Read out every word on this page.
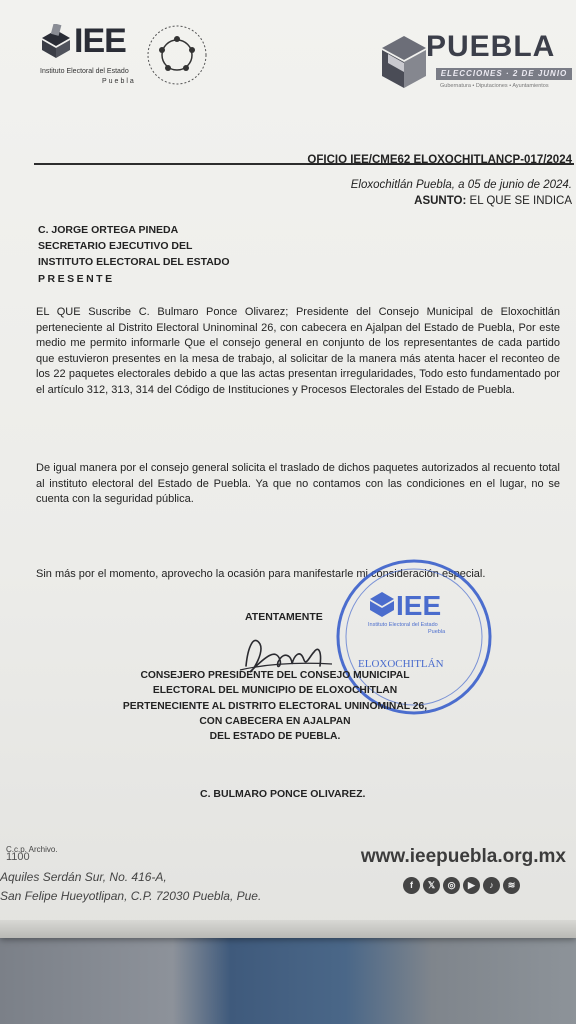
IEE
Instituto Electoral del Estado
Puebla
PUEBLA
ELECCIONES · 2 DE JUNIO
Gubernatura • Diputaciones • Ayuntamientos
OFICIO IEE/CME62 ELOXOCHITLANCP-017/2024
Eloxochitlán Puebla, a 05 de junio de 2024.
ASUNTO: EL QUE SE INDICA
C. JORGE ORTEGA PINEDA
SECRETARIO EJECUTIVO DEL
INSTITUTO ELECTORAL DEL ESTADO
PRESENTE
EL QUE Suscribe C. Bulmaro Ponce Olivarez; Presidente del Consejo Municipal de Eloxochitlán perteneciente al Distrito Electoral Uninominal 26, con cabecera en Ajalpan del Estado de Puebla, Por este medio me permito informarle Que el consejo general en conjunto de los representantes de cada partido que estuvieron presentes en la mesa de trabajo, al solicitar de la manera más atenta hacer el reconteo de los 22 paquetes electorales debido a que las actas presentan irregularidades, Todo esto fundamentado por el artículo 312, 313, 314 del Código de Instituciones y Procesos Electorales del Estado de Puebla.
De igual manera por el consejo general solicita el traslado de dichos paquetes autorizados al recuento total al instituto electoral del Estado de Puebla. Ya que no contamos con las condiciones en el lugar, no se cuenta con la seguridad pública.
Sin más por el momento, aprovecho la ocasión para manifestarle mi consideración especial.
IEE
Instituto Electoral del Estado
Puebla
ELOXOCHITLÁN
ATENTAMENTE
CONSEJERO PRESIDENTE DEL CONSEJO MUNICIPAL
ELECTORAL DEL MUNICIPIO DE ELOXOCHITLAN
PERTENECIENTE AL DISTRITO ELECTORAL UNINOMINAL 26,
CON CABECERA EN AJALPAN
DEL ESTADO DE PUEBLA.
C. BULMARO PONCE OLIVAREZ.
C.c.p. Archivo.
1100
Aquiles Serdán Sur, No. 416-A,
San Felipe Hueyotlipan, C.P. 72030 Puebla, Pue.
www.ieepuebla.org.mx
f	𝕏	◎	▶	♪	≋
